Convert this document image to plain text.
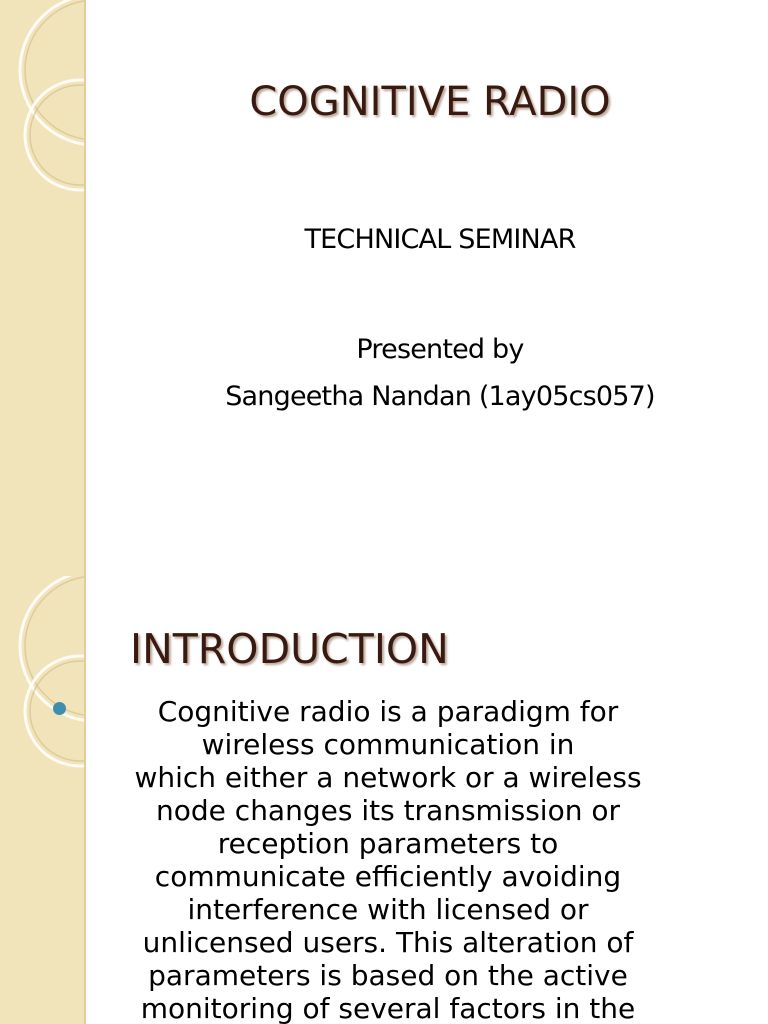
COGNITIVE RADIO
TECHNICAL SEMINAR
Presented by
Sangeetha Nandan (1ay05cs057)
INTRODUCTION
Cognitive radio is a paradigm for
wireless communication in
which either a network or a wireless
node changes its transmission or
reception parameters to
communicate efficiently avoiding
interference with licensed or
unlicensed users. This alteration of
parameters is based on the active
monitoring of several factors in the
